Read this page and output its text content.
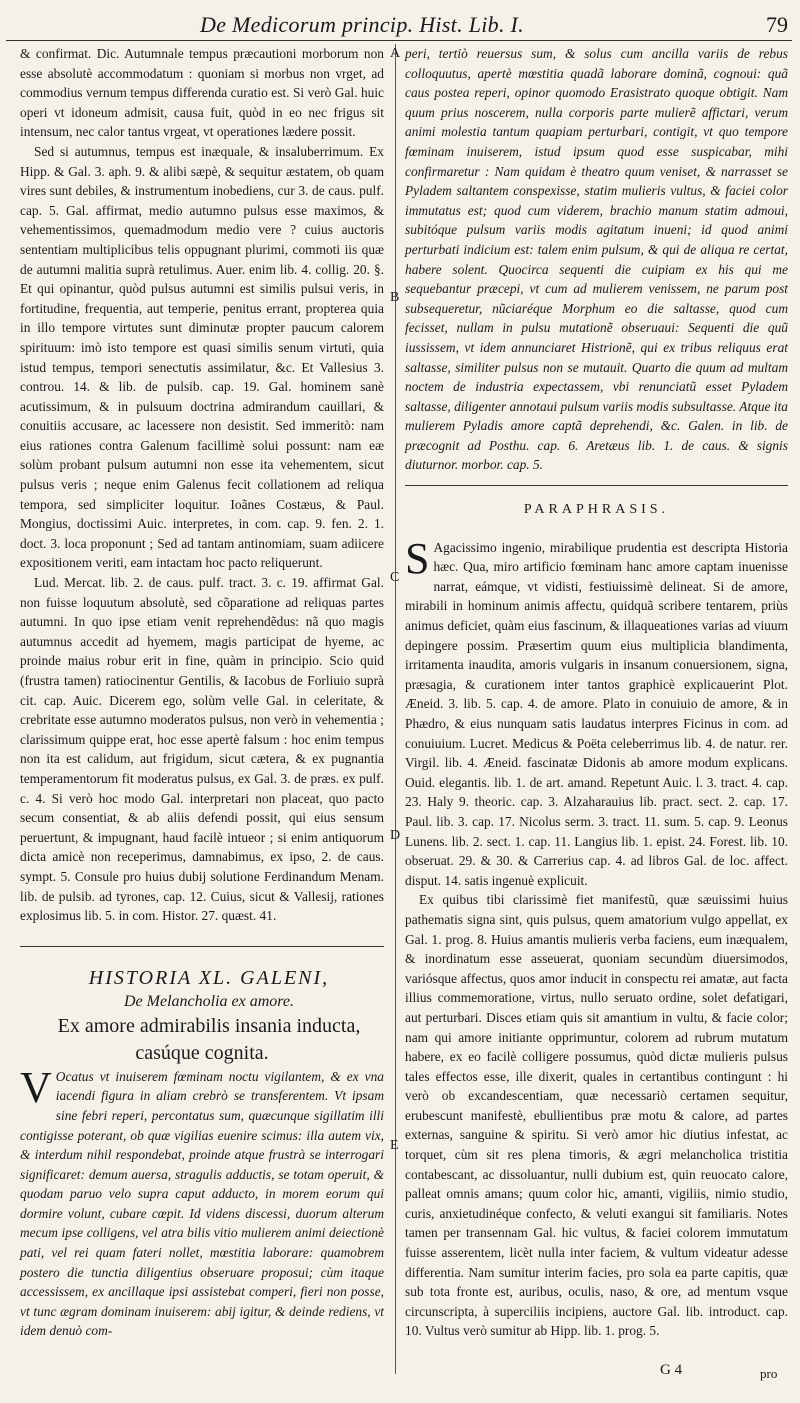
De Medicorum princip. Hist. Lib. I.	79

& confirmat. Dic. Autumnale tempus præcautioni morborum non esse absolutè accommodatum : quoniam si morbus non vrget, ad commodius vernum tempus differenda curatio est. Si verò Gal. huic operi vt idoneum admisit, causa fuit, quòd in eo nec frigus sit intensum, nec calor tantus vrgeat, vt operationes lædere possit.

Sed si autumnus, tempus est inæquale, & insaluberrimum. Ex Hipp. & Gal. 3. aph. 9. & alibi sæpè, & sequitur æstatem, ob quam vires sunt debiles, & instrumentum inobediens, cur 3. de caus. pulf. cap. 5. Gal. affirmat, medio autumno pulsus esse maximos, & vehementissimos, quemadmodum medio vere ? cuius auctoris sententiam multiplicibus telis oppugnant plurimi, commoti iis quæ de autumni malitia suprà retulimus. Auer. enim lib. 4. collig. 20. §. Et qui opinantur, quòd pulsus autumni est similis pulsui veris, in fortitudine, frequentia, aut temperie, penitus errant, propterea quia in illo tempore virtutes sunt diminutæ propter paucum calorem spirituum: imò isto tempore est quasi similis senum virtuti, quia istud tempus, tempori senectutis assimilatur, &c. Et Vallesius 3. controu. 14. & lib. de pulsib. cap. 19. Gal. hominem sanè acutissimum, & in pulsuum doctrina admirandum cauillari, & conuitiis accusare, ac lacessere non desistit. Sed immeritò: nam eius rationes contra Galenum facillimè solui possunt: nam eæ solùm probant pulsum autumni non esse ita vehementem, sicut pulsus veris ; neque enim Galenus fecit collationem ad reliqua tempora, sed simpliciter loquitur. Ioãnes Costæus, & Paul. Mongius, doctissimi Auic. interpretes, in com. cap. 9. fen. 2. 1. doct. 3. loca proponunt ; Sed ad tantam antinomiam, suam adiicere expositionem veriti, eam intactam hoc pacto reliquerunt.

Lud. Mercat. lib. 2. de caus. pulf. tract. 3. c. 19. affirmat Gal. non fuisse loquutum absolutè, sed cõparatione ad reliquas partes autumni. In quo ipse etiam venit reprehendẽdus: nã quo magis autumnus accedit ad hyemem, magis participat de hyeme, ac proinde maius robur erit in fine, quàm in principio. Scio quid (frustra tamen) ratiocinentur Gentilis, & Iacobus de Forliuio suprà cit. cap. Auic. Dicerem ego, solùm velle Gal. in celeritate, & crebritate esse autumno moderatos pulsus, non verò in vehementia ; clarissimum quippe erat, hoc esse apertè falsum : hoc enim tempus non ita est calidum, aut frigidum, sicut cætera, & ex pugnantia temperamentorum fit moderatus pulsus, ex Gal. 3. de præs. ex pulf. c. 4. Si verò hoc modo Gal. interpretari non placeat, quo pacto secum consentiat, & ab aliis defendi possit, qui eius sensum peruertunt, & impugnant, haud facilè intueor ; si enim antiquorum dicta amicè non receperimus, damnabimus, ex ipso, 2. de caus. sympt. 5. Consule pro huius dubij solutione Ferdinandum Menam. lib. de pulsib. ad tyrones, cap. 12. Cuius, sicut & Vallesij, rationes explosimus lib. 5. in com. Histor. 27. quæst. 41.

HISTORIA XL. GALENI,

De Melancholia ex amore.

Ex amore admirabilis insania inducta, casúque cognita.

V Ocatus vt inuiserem fœminam noctu vigilantem, & ex vna iacendi figura in aliam crebrò se transferentem. Vt ipsam sine febri reperi, percontatus sum, quæcunque sigillatim illi contigisse poterant, ob quæ vigilias euenire scimus: illa autem vix, & interdum nihil respondebat, proinde atque frustrà se interrogari significaret: demum auersa, stragulis adductis, se totam operuit, & quodam paruo velo supra caput adducto, in morem eorum qui dormire volunt, cubare cœpit. Id videns discessi, duorum alterum mecum ipse colligens, vel atra bilis vitio mulierem animi deiectionè pati, vel rei quam fateri nollet, mœstitia laborare: quamobrem postero die tunctia diligentius obseruare proposui; cùm itaque accessissem, ex ancillaque ipsi assistebat comperi, fieri non posse, vt tunc ægram dominam inuiserem: abij igitur, & deinde rediens, vt idem denuò com-

peri, tertiò reuersus sum, & solus cum ancilla variis de rebus colloquutus, apertè mœstitia quadã laborare dominã, cognoui: quã caus postea reperi, opinor quomodo Erasistrato quoque obtigit. Nam quum prius noscerem, nulla corporis parte mulierẽ affictari, verum animi molestia tantum quapiam perturbari, contigit, vt quo tempore fœminam inuiserem, istud ipsum quod esse suspicabar, mihi confirmaretur : Nam quidam è theatro quum veniset, & narrasset se Pyladem saltantem conspexisse, statim mulieris vultus, & faciei color immutatus est; quod cum viderem, brachio manum statim admoui, subitóque pulsum variis modis agitatum inueni; id quod animi perturbati indicium est: talem enim pulsum, & qui de aliqua re certat, habere solent. Quocirca sequenti die cuipiam ex his qui me sequebantur præcepi, vt cum ad mulierem venissem, ne parum post subsequeretur, nũciaréque Morphum eo die saltasse, quod cum fecisset, nullam in pulsu mutationẽ obseruaui: Sequenti die quũ iussissem, vt idem annunciaret Histrionẽ, qui ex tribus reliquus erat saltasse, similiter pulsus non se mutauit. Quarto die quum ad multam noctem de industria expectassem, vbi renunciatũ esset Pyladem saltasse, diligenter annotaui pulsum variis modis subsultasse. Atque ita mulierem Pyladis amore captã deprehendi, &c. Galen. in lib. de præcognit ad Posthu. cap. 6. Aretæus lib. 1. de caus. & signis diuturnor. morbor. cap. 5.

PARAPHRASIS.

S Agacissimo ingenio, mirabilique prudentia est descripta Historia hæc. Qua, miro artificio fœminam hanc amore captam inuenisse narrat, eámque, vt vidisti, festiuissimè delineat. Si de amore, mirabili in hominum animis affectu, quidquã scribere tentarem, priùs animus deficiet, quàm eius fascinum, & illaqueationes varias ad viuum depingere possim. Præsertim quum eius multiplicia blandimenta, irritamenta inaudita, amoris vulgaris in insanum conuersionem, signa, præsagia, & curationem inter tantos graphicè explicauerint Plot. Æneid. 3. lib. 5. cap. 4. de amore. Plato in conuiuio de amore, & in Phædro, & eius nunquam satis laudatus interpres Ficinus in com. ad conuiuium. Lucret. Medicus & Poëta celeberrimus lib. 4. de natur. rer. Virgil. lib. 4. Æneid. fascinatæ Didonis ab amore modum explicans. Ouid. elegantis. lib. 1. de art. amand. Repetunt Auic. l. 3. tract. 4. cap. 23. Haly 9. theoric. cap. 3. Alzaharauius lib. pract. sect. 2. cap. 17. Paul. lib. 3. cap. 17. Nicolus serm. 3. tract. 11. sum. 5. cap. 9. Leonus Lunens. lib. 2. sect. 1. cap. 11. Langius lib. 1. epist. 24. Forest. lib. 10. obseruat. 29. & 30. & Carrerius cap. 4. ad libros Gal. de loc. affect. disput. 14. satis ingenuè explicuit.

Ex quibus tibi clarissimè fiet manifestũ, quæ sæuissimi huius pathematis signa sint, quis pulsus, quem amatorium vulgo appellat, ex Gal. 1. prog. 8. Huius amantis mulieris verba faciens, eum inæqualem, & inordinatum esse asseuerat, quoniam secundùm diuersimodos, variósque affectus, quos amor inducit in conspectu rei amatæ, aut facta illius commemoratione, virtus, nullo seruato ordine, solet defatigari, aut perturbari. Disces etiam quis sit amantium in vultu, & facie color; nam qui amore initiante opprimuntur, colorem ad rubrum mutatum habere, ex eo facilè colligere possumus, quòd dictæ mulieris pulsus tales effectos esse, ille dixerit, quales in certantibus contingunt : hi verò ob excandescentiam, quæ necessariò certamen sequitur, erubescunt manifestè, ebullientibus præ motu & calore, ad partes externas, sanguine & spiritu. Si verò amor hic diutius infestat, ac torquet, cùm sit res plena timoris, & ægri melancholica tristitia contabescant, ac dissoluantur, nulli dubium est, quin reuocato calore, palleat omnis amans; quum color hic, amanti, vigiliis, nimio studio, curis, anxietudinéque confecto, & veluti exangui sit familiaris. Notes tamen per transennam Gal. hic vultus, & faciei colorem immutatum fuisse asserentem, licèt nulla inter faciem, & vultum videatur adesse differentia. Nam sumitur interim facies, pro sola ea parte capitis, quæ sub tota fronte est, auribus, oculis, naso, & ore, ad mentum vsque circunscripta, à superciliis incipiens, auctore Gal. lib. introduct. cap. 10. Vultus verò sumitur ab Hipp. lib. 1. prog. 5.

A
B
C
D
E
G 4	pro
